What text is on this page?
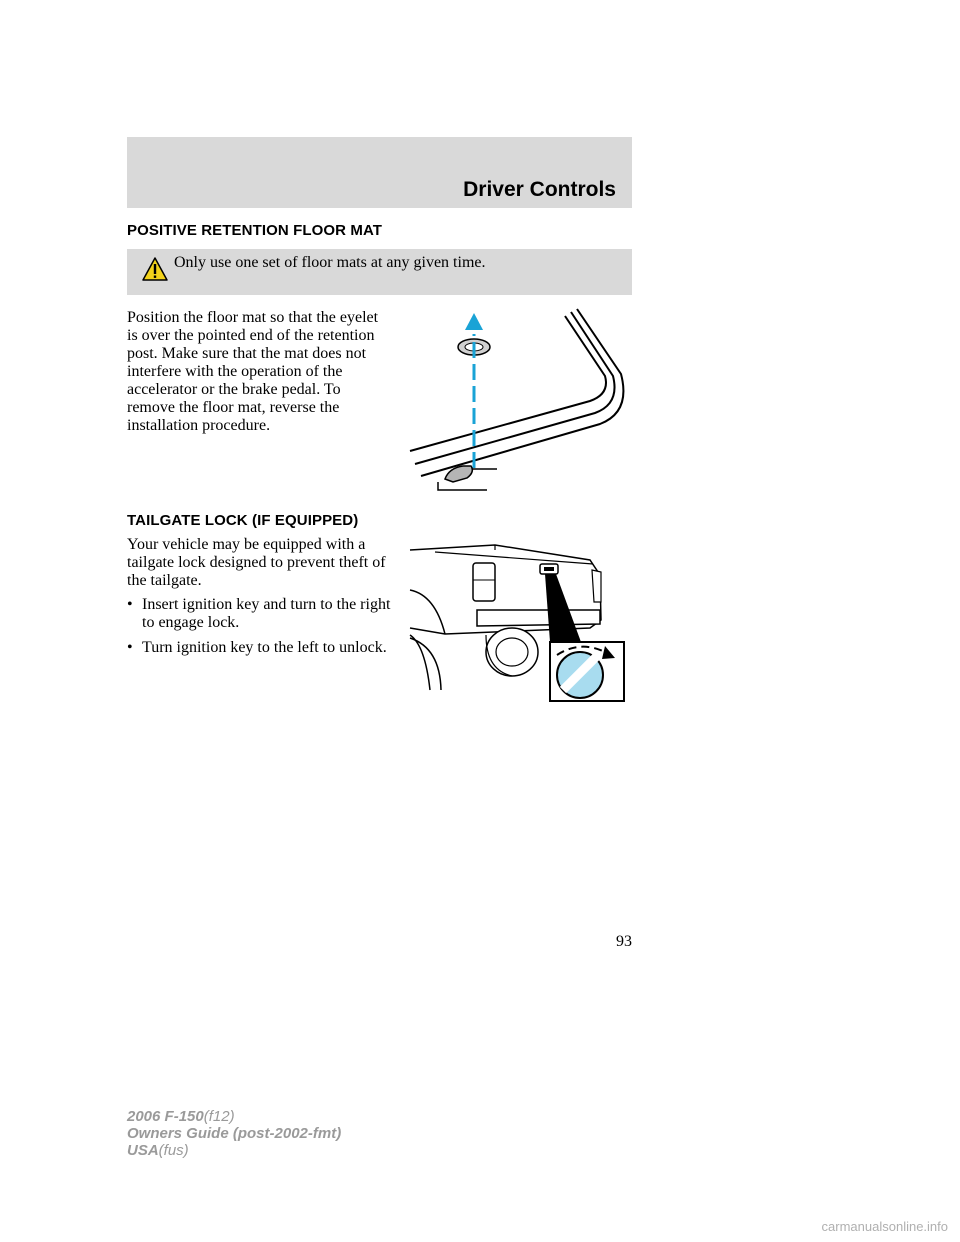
Driver Controls
POSITIVE RETENTION FLOOR MAT
Only use one set of floor mats at any given time.

Position the floor mat so that the eyelet is over the pointed end of the retention post. Make sure that the mat does not interfere with the operation of the accelerator or the brake pedal. To remove the floor mat, reverse the installation procedure.

TAILGATE LOCK (IF EQUIPPED)

Your vehicle may be equipped with a tailgate lock designed to prevent theft of the tailgate.

• Insert ignition key and turn to the right to engage lock.
• Turn ignition key to the left to unlock.
93
2006 F-150(f12)
Owners Guide (post-2002-fmt)
USA(fus)
carmanualsonline.info
